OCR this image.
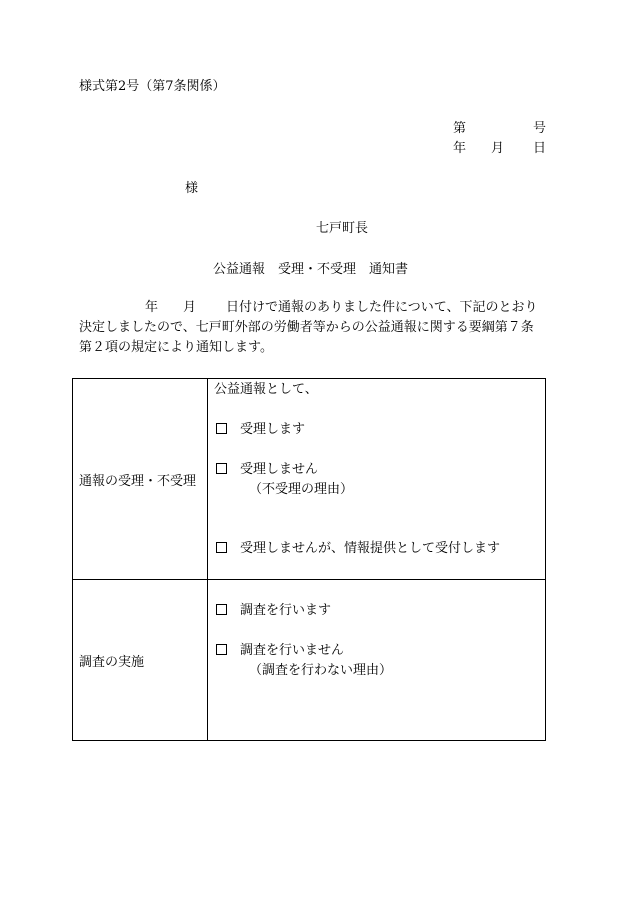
様式第2号（第7条関係）
第	号
年 月 日
様
七戸町長
公益通報　受理・不受理　通知書
年 月 日付けで通報のありました件について、下記のとおり
決定しましたので、七戸町外部の労働者等からの公益通報に関する要綱第７条
第２項の規定により通知します。
通報の受理・不受理	公益通報として、
受理します
受理しません
（不受理の理由）
受理しませんが、情報提供として受付します

調査の実施	調査を行います
調査を行いません
（調査を行わない理由）
